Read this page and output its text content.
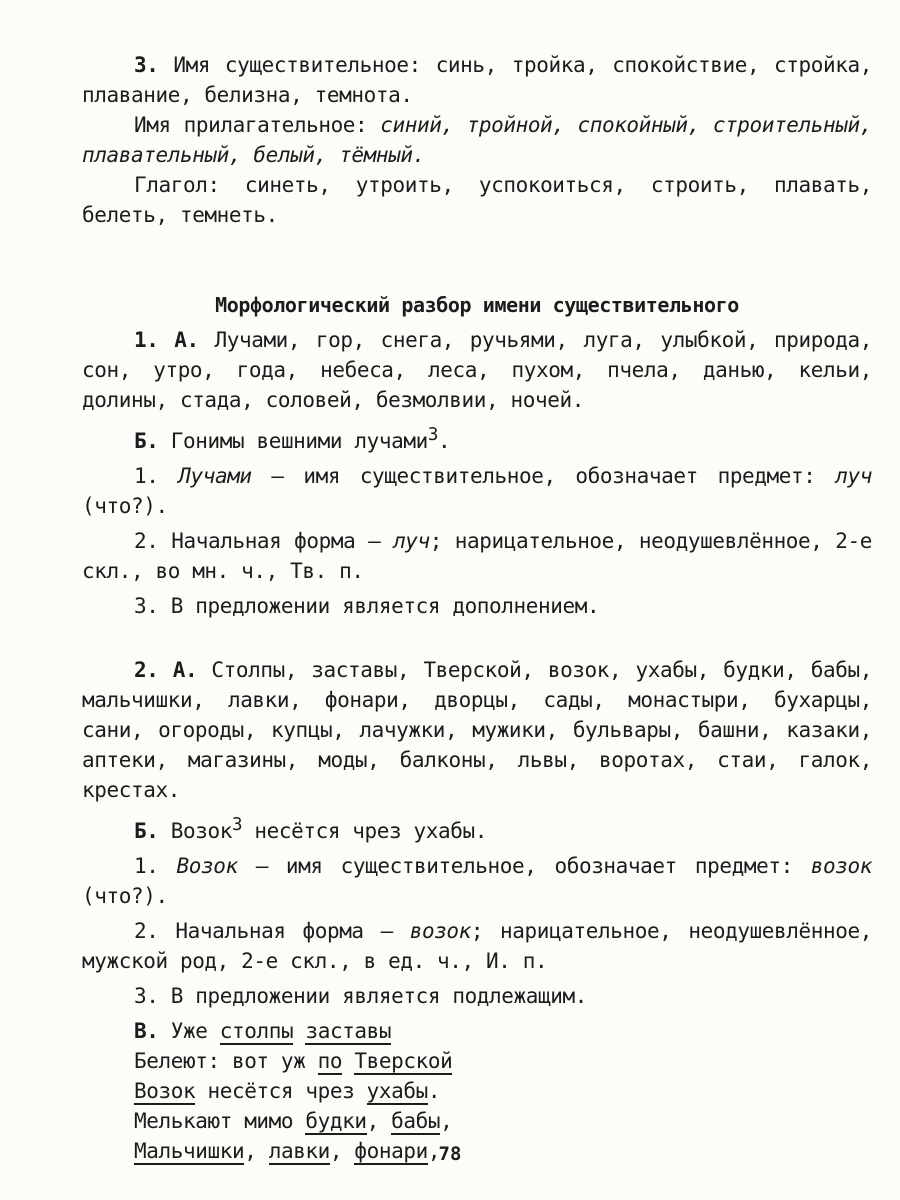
3. Имя существительное: синь, тройка, спокойствие, стройка, плавание, белизна, темнота.

Имя прилагательное: синий, тройной, спокойный, строительный, плавательный, белый, тёмный.

Глагол: синеть, утроить, успокоиться, строить, плавать, белеть, темнеть.

Морфологический разбор имени существительного

1. А. Лучами, гор, снега, ручьями, луга, улыбкой, природа, сон, утро, года, небеса, леса, пухом, пчела, данью, кельи, долины, стада, соловей, безмолвии, ночей.

Б. Гонимы вешними лучами$^3$.

1. Лучами — имя существительное, обозначает предмет: луч (что?).

2. Начальная форма — луч; нарицательное, неодушевлённое, 2-е скл., во мн. ч., Тв. п.

3. В предложении является дополнением.

2. А. Столпы, заставы, Тверской, возок, ухабы, будки, бабы, мальчишки, лавки, фонари, дворцы, сады, монастыри, бухарцы, сани, огороды, купцы, лачужки, мужики, бульвары, башни, казаки, аптеки, магазины, моды, балконы, львы, воротах, стаи, галок, крестах.

Б. Возок$^3$ несётся чрез ухабы.

1. Возок — имя существительное, обозначает предмет: возок (что?).

2. Начальная форма — возок; нарицательное, неодушевлённое, мужской род, 2-е скл., в ед. ч., И. п.

3. В предложении является подлежащим.

В. Уже столпы заставы

Белеют: вот уж по Тверской

Возок несётся чрез ухабы.

Мелькают мимо будки, бабы,

Мальчишки, лавки, фонари,

78
